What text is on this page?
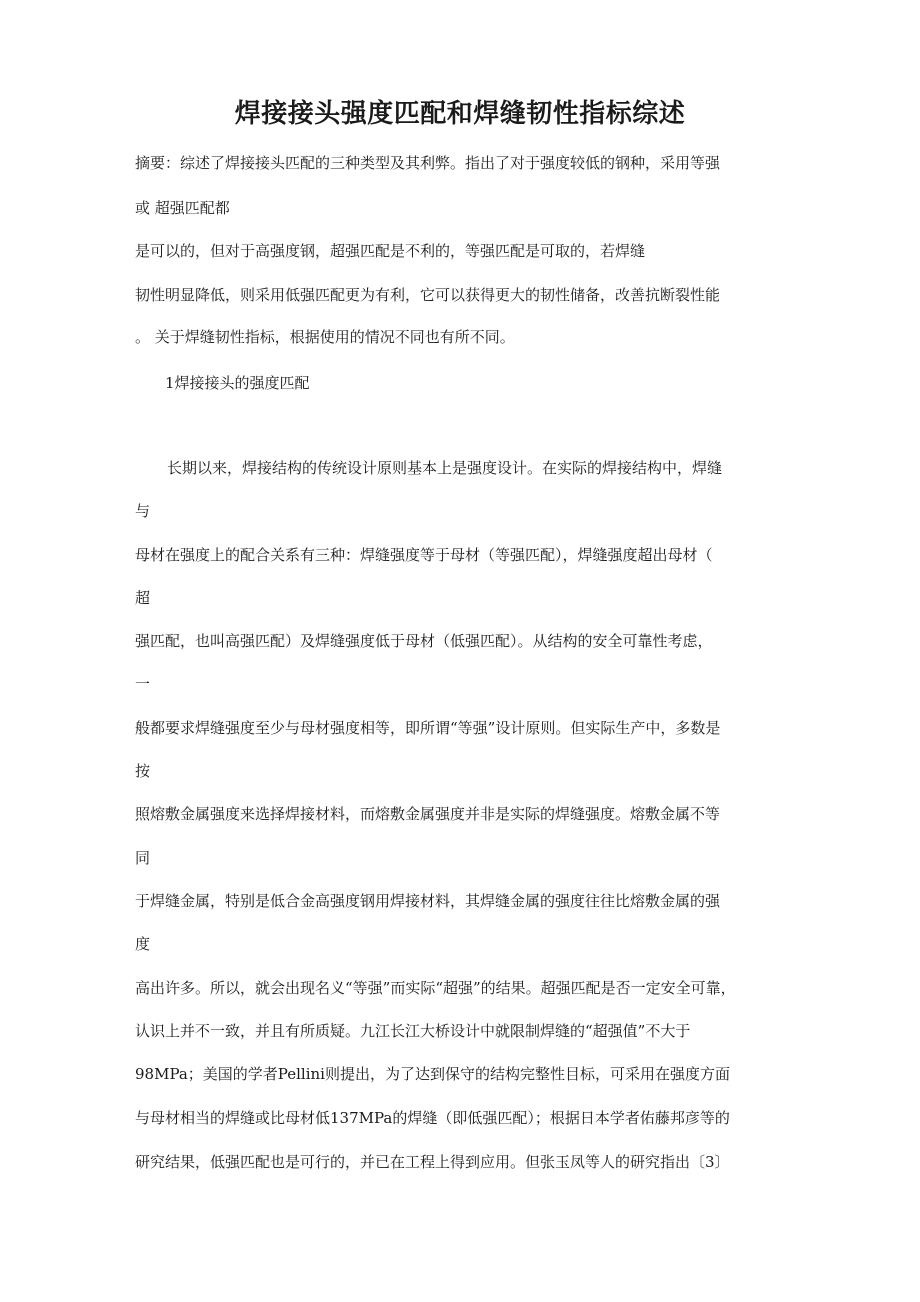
焊接接头强度匹配和焊缝韧性指标综述
摘要：综述了焊接接头匹配的三种类型及其利弊。指出了对于强度较低的钢种，采用等强
或 超强匹配都
是可以的，但对于高强度钢，超强匹配是不利的，等强匹配是可取的，若焊缝
韧性明显降低，则采用低强匹配更为有利，它可以获得更大的韧性储备，改善抗断裂性能
。 关于焊缝韧性指标，根据使用的情况不同也有所不同。
1焊接接头的强度匹配
长期以来，焊接结构的传统设计原则基本上是强度设计。在实际的焊接结构中，焊缝
与
母材在强度上的配合关系有三种：焊缝强度等于母材（等强匹配），焊缝强度超出母材（
超
强匹配，也叫高强匹配）及焊缝强度低于母材（低强匹配）。从结构的安全可靠性考虑，
一
般都要求焊缝强度至少与母材强度相等，即所谓“等强”设计原则。但实际生产中，多数是
按
照熔敷金属强度来选择焊接材料，而熔敷金属强度并非是实际的焊缝强度。熔敷金属不等
同
于焊缝金属，特别是低合金高强度钢用焊接材料，其焊缝金属的强度往往比熔敷金属的强
度
高出许多。所以，就会出现名义“等强”而实际“超强”的结果。超强匹配是否一定安全可靠，
认识上并不一致，并且有所质疑。九江长江大桥设计中就限制焊缝的“超强值”不大于
98MPa；美国的学者Pellini则提出，为了达到保守的结构完整性目标，可采用在强度方面
与母材相当的焊缝或比母材低137MPa的焊缝（即低强匹配）；根据日本学者佑藤邦彦等的
研究结果，低强匹配也是可行的，并已在工程上得到应用。但张玉凤等人的研究指出〔3〕
